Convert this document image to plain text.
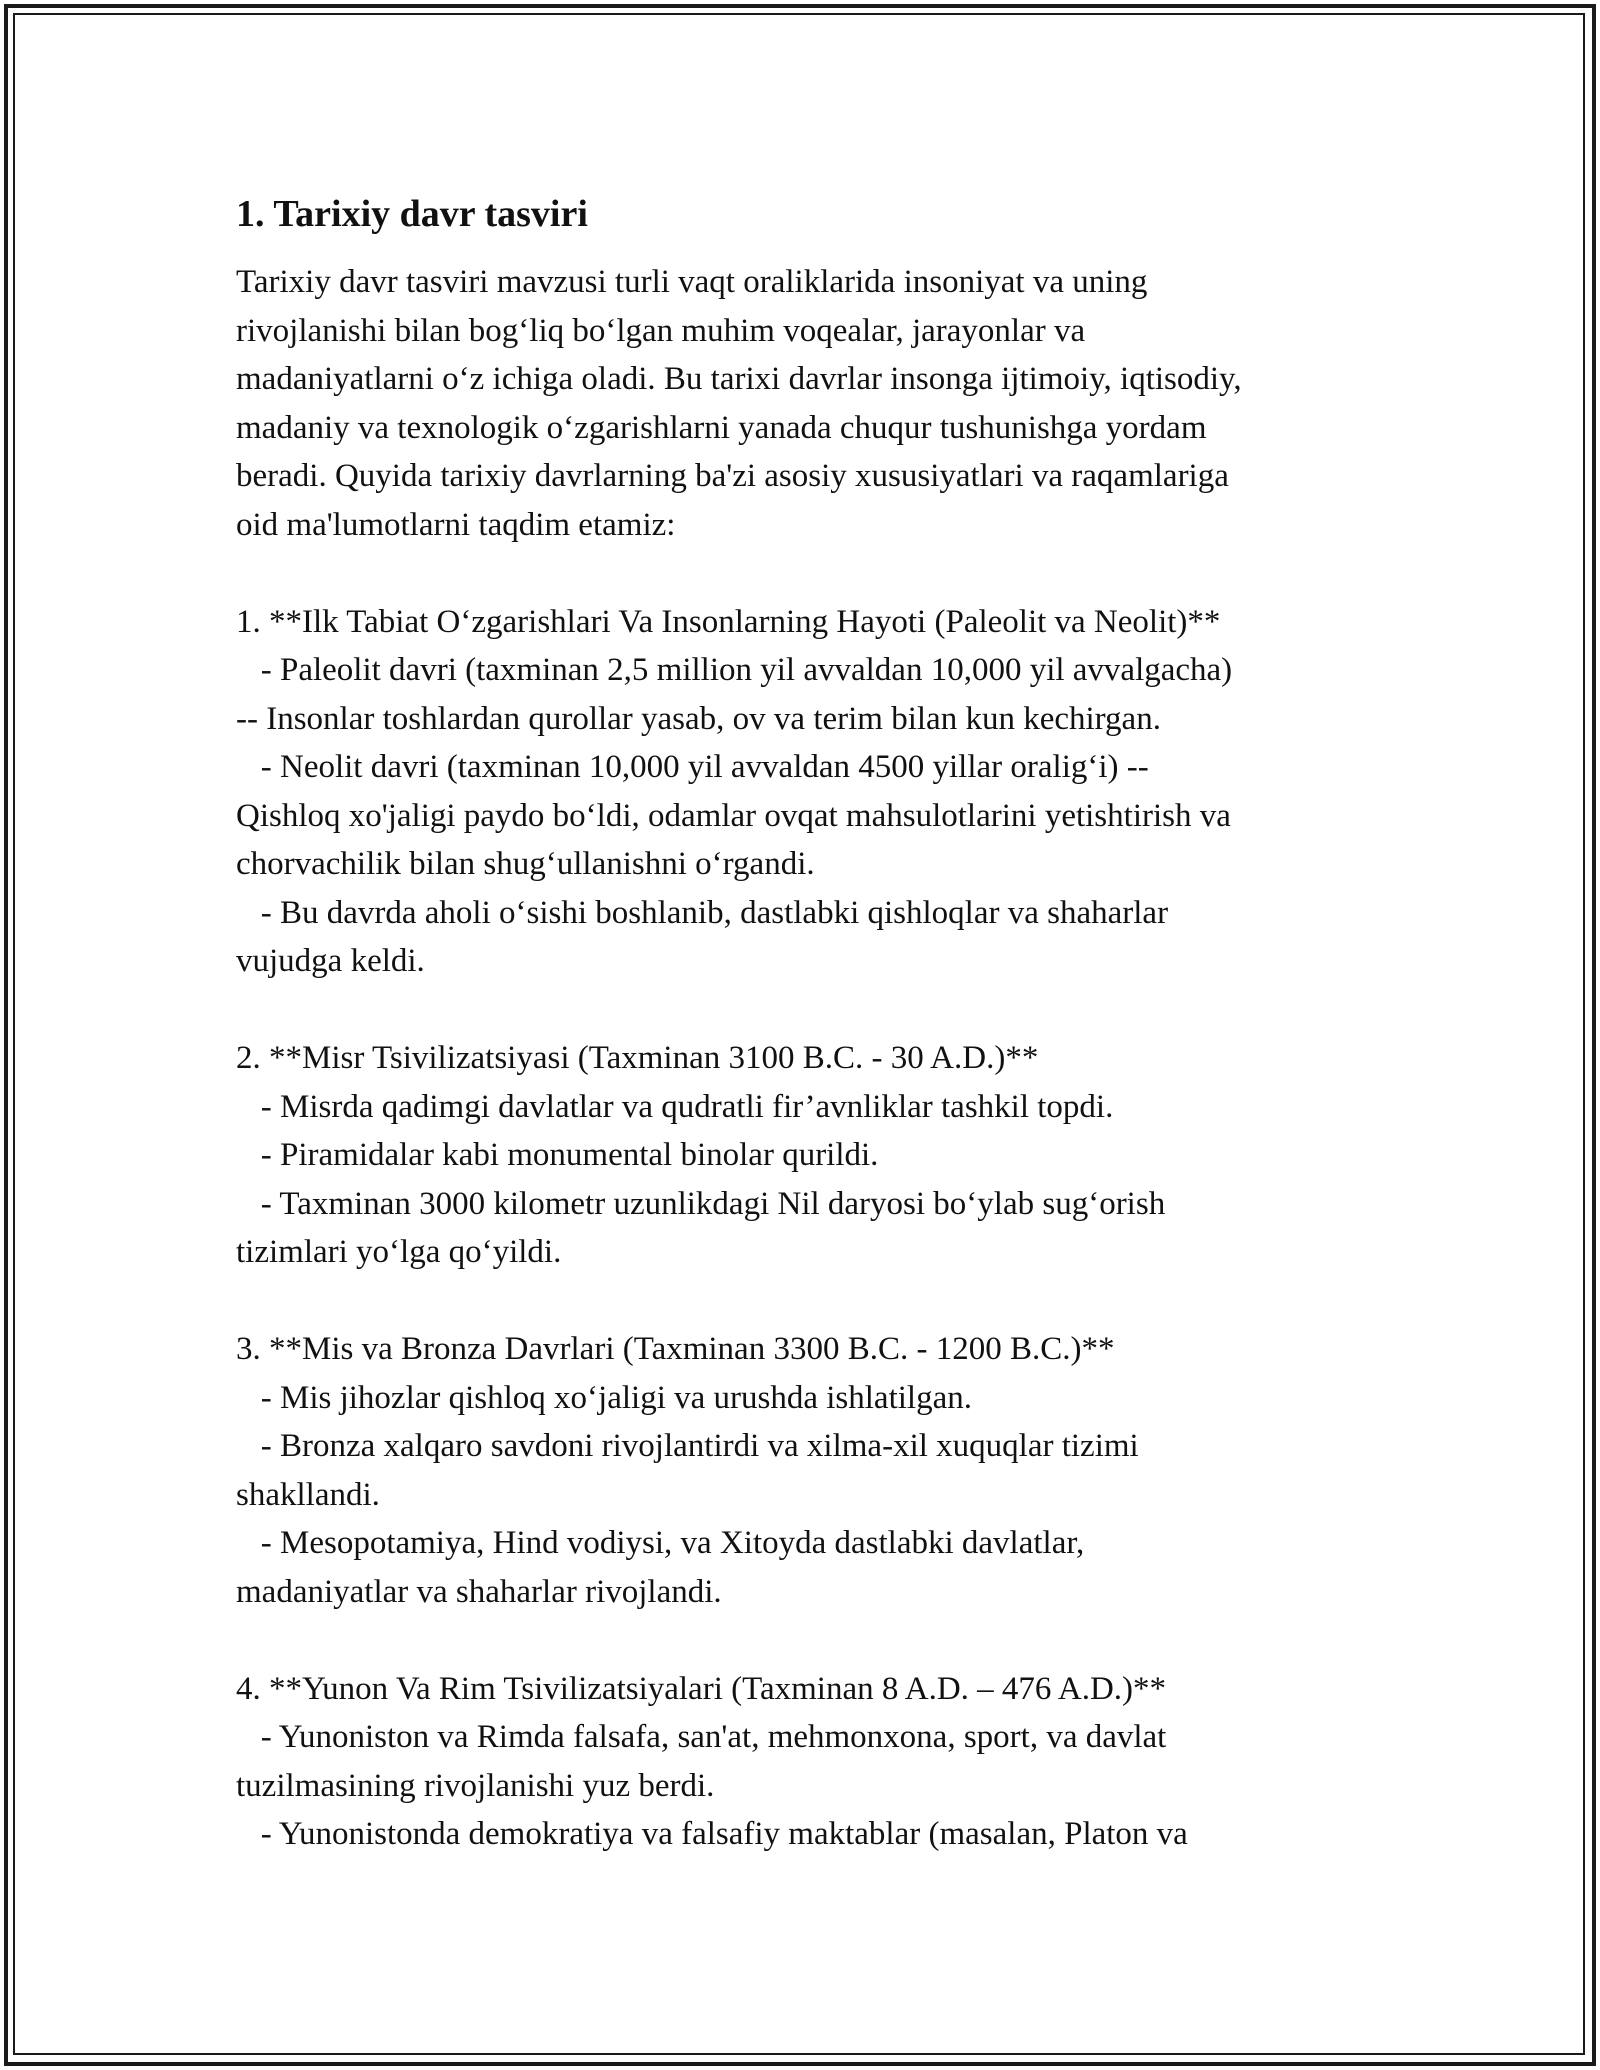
1. Tarixiy davr tasviri
Tarixiy davr tasviri mavzusi turli vaqt oraliklarida insoniyat va uning
rivojlanishi bilan bog‘liq bo‘lgan muhim voqealar, jarayonlar va
madaniyatlarni o‘z ichiga oladi. Bu tarixi davrlar insonga ijtimoiy, iqtisodiy,
madaniy va texnologik o‘zgarishlarni yanada chuqur tushunishga yordam
beradi. Quyida tarixiy davrlarning ba'zi asosiy xususiyatlari va raqamlariga
oid ma'lumotlarni taqdim etamiz:
1. **Ilk Tabiat O‘zgarishlari Va Insonlarning Hayoti (Paleolit va Neolit)**
- Paleolit davri (taxminan 2,5 million yil avvaldan 10,000 yil avvalgacha)
-- Insonlar toshlardan qurollar yasab, ov va terim bilan kun kechirgan.
- Neolit davri (taxminan 10,000 yil avvaldan 4500 yillar oralig‘i) --
Qishloq xo'jaligi paydo bo‘ldi, odamlar ovqat mahsulotlarini yetishtirish va
chorvachilik bilan shug‘ullanishni o‘rgandi.
- Bu davrda aholi o‘sishi boshlanib, dastlabki qishloqlar va shaharlar
vujudga keldi.
2. **Misr Tsivilizatsiyasi (Taxminan 3100 B.C. - 30 A.D.)**
- Misrda qadimgi davlatlar va qudratli fir’avnliklar tashkil topdi.
- Piramidalar kabi monumental binolar qurildi.
- Taxminan 3000 kilometr uzunlikdagi Nil daryosi bo‘ylab sug‘orish
tizimlari yo‘lga qo‘yildi.
3. **Mis va Bronza Davrlari (Taxminan 3300 B.C. - 1200 B.C.)**
- Mis jihozlar qishloq xo‘jaligi va urushda ishlatilgan.
- Bronza xalqaro savdoni rivojlantirdi va xilma-xil xuquqlar tizimi
shakllandi.
- Mesopotamiya, Hind vodiysi, va Xitoyda dastlabki davlatlar,
madaniyatlar va shaharlar rivojlandi.
4. **Yunon Va Rim Tsivilizatsiyalari (Taxminan 8 A.D. – 476 A.D.)**
- Yunoniston va Rimda falsafa, san'at, mehmonxona, sport, va davlat
tuzilmasining rivojlanishi yuz berdi.
- Yunonistonda demokratiya va falsafiy maktablar (masalan, Platon va
